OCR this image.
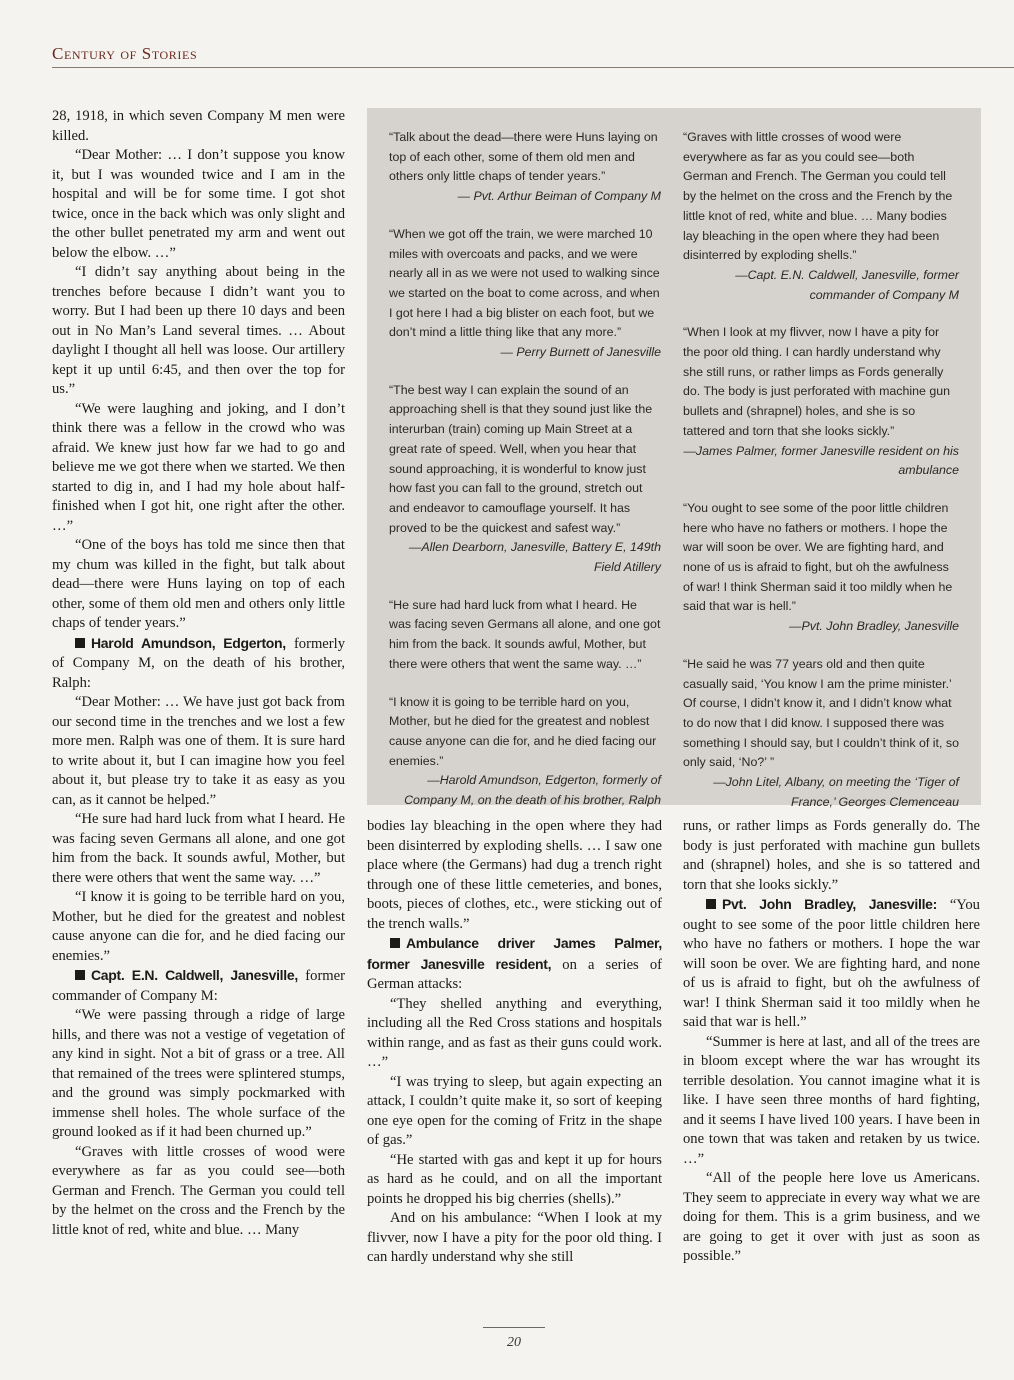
Century of Stories

28, 1918, in which seven Company M men were killed.

“Dear Mother: … I don’t suppose you know it, but I was wounded twice and I am in the hospital and will be for some time. I got shot twice, once in the back which was only slight and the other bullet penetrated my arm and went out below the elbow. …”

“I didn’t say anything about being in the trenches before because I didn’t want you to worry. But I had been up there 10 days and been out in No Man’s Land several times. … About daylight I thought all hell was loose. Our artillery kept it up until 6:45, and then over the top for us.”

“We were laughing and joking, and I don’t think there was a fellow in the crowd who was afraid. We knew just how far we had to go and believe me we got there when we started. We then started to dig in, and I had my hole about half-finished when I got hit, one right after the other. …”

“One of the boys has told me since then that my chum was killed in the fight, but talk about dead—there were Huns laying on top of each other, some of them old men and others only little chaps of tender years.”

Harold Amundson, Edgerton, formerly of Company M, on the death of his brother, Ralph:

“Dear Mother: … We have just got back from our second time in the trenches and we lost a few more men. Ralph was one of them. It is sure hard to write about it, but I can imagine how you feel about it, but please try to take it as easy as you can, as it cannot be helped.”

“He sure had hard luck from what I heard. He was facing seven Germans all alone, and one got him from the back. It sounds awful, Mother, but there were others that went the same way. …”

“I know it is going to be terrible hard on you, Mother, but he died for the greatest and noblest cause anyone can die for, and he died facing our enemies.”

Capt. E.N. Caldwell, Janesville, former commander of Company M:

“We were passing through a ridge of large hills, and there was not a vestige of vegetation of any kind in sight. Not a bit of grass or a tree. All that remained of the trees were splintered stumps, and the ground was simply pockmarked with immense shell holes. The whole surface of the ground looked as if it had been churned up.”

“Graves with little crosses of wood were everywhere as far as you could see—both German and French. The German you could tell by the helmet on the cross and the French by the little knot of red, white and blue. … Many

“Talk about the dead—there were Huns laying on top of each other, some of them old men and others only little chaps of tender years.”

— Pvt. Arthur Beiman of Company M

“When we got off the train, we were marched 10 miles with overcoats and packs, and we were nearly all in as we were not used to walking since we started on the boat to come across, and when I got here I had a big blister on each foot, but we don’t mind a little thing like that any more.”

— Perry Burnett of Janesville

“The best way I can explain the sound of an approaching shell is that they sound just like the interurban (train) coming up Main Street at a great rate of speed. Well, when you hear that sound approaching, it is wonderful to know just how fast you can fall to the ground, stretch out and endeavor to camouflage yourself. It has proved to be the quickest and safest way.”

—Allen Dearborn, Janesville, Battery E, 149th Field Atillery

“He sure had hard luck from what I heard. He was facing seven Germans all alone, and one got him from the back. It sounds awful, Mother, but there were others that went the same way. …”

“I know it is going to be terrible hard on you, Mother, but he died for the greatest and noblest cause anyone can die for, and he died facing our enemies.”

—Harold Amundson, Edgerton, formerly of Company M, on the death of his brother, Ralph

“Graves with little crosses of wood were everywhere as far as you could see—both German and French. The German you could tell by the helmet on the cross and the French by the little knot of red, white and blue. … Many bodies lay bleaching in the open where they had been disinterred by exploding shells.”

—Capt. E.N. Caldwell, Janesville, former commander of Company M

“When I look at my flivver, now I have a pity for the poor old thing. I can hardly understand why she still runs, or rather limps as Fords generally do. The body is just perforated with machine gun bullets and (shrapnel) holes, and she is so tattered and torn that she looks sickly.”

—James Palmer, former Janesville resident on his ambulance

“You ought to see some of the poor little children here who have no fathers or mothers. I hope the war will soon be over. We are fighting hard, and none of us is afraid to fight, but oh the awfulness of war! I think Sherman said it too mildly when he said that war is hell.”

—Pvt. John Bradley, Janesville

“He said he was 77 years old and then quite casually said, ‘You know I am the prime minister.’ Of course, I didn’t know it, and I didn’t know what to do now that I did know. I supposed there was something I should say, but I couldn’t think of it, so only said, ‘No?’ ”

—John Litel, Albany, on meeting the ‘Tiger of France,’ Georges Clemenceau

bodies lay bleaching in the open where they had been disinterred by exploding shells. … I saw one place where (the Germans) had dug a trench right through one of these little cemeteries, and bones, boots, pieces of clothes, etc., were sticking out of the trench walls.”

Ambulance driver James Palmer, former Janesville resident, on a series of German attacks:

“They shelled anything and everything, including all the Red Cross stations and hospitals within range, and as fast as their guns could work. …”

“I was trying to sleep, but again expecting an attack, I couldn’t quite make it, so sort of keeping one eye open for the coming of Fritz in the shape of gas.”

“He started with gas and kept it up for hours as hard as he could, and on all the important points he dropped his big cherries (shells).”

And on his ambulance: “When I look at my flivver, now I have a pity for the poor old thing. I can hardly understand why she still

runs, or rather limps as Fords generally do. The body is just perforated with machine gun bullets and (shrapnel) holes, and she is so tattered and torn that she looks sickly.”

Pvt. John Bradley, Janesville: “You ought to see some of the poor little children here who have no fathers or mothers. I hope the war will soon be over. We are fighting hard, and none of us is afraid to fight, but oh the awfulness of war! I think Sherman said it too mildly when he said that war is hell.”

“Summer is here at last, and all of the trees are in bloom except where the war has wrought its terrible desolation. You cannot imagine what it is like. I have seen three months of hard fighting, and it seems I have lived 100 years. I have been in one town that was taken and retaken by us twice. …”

“All of the people here love us Americans. They seem to appreciate in every way what we are doing for them. This is a grim business, and we are going to get it over with just as soon as possible.”

20
